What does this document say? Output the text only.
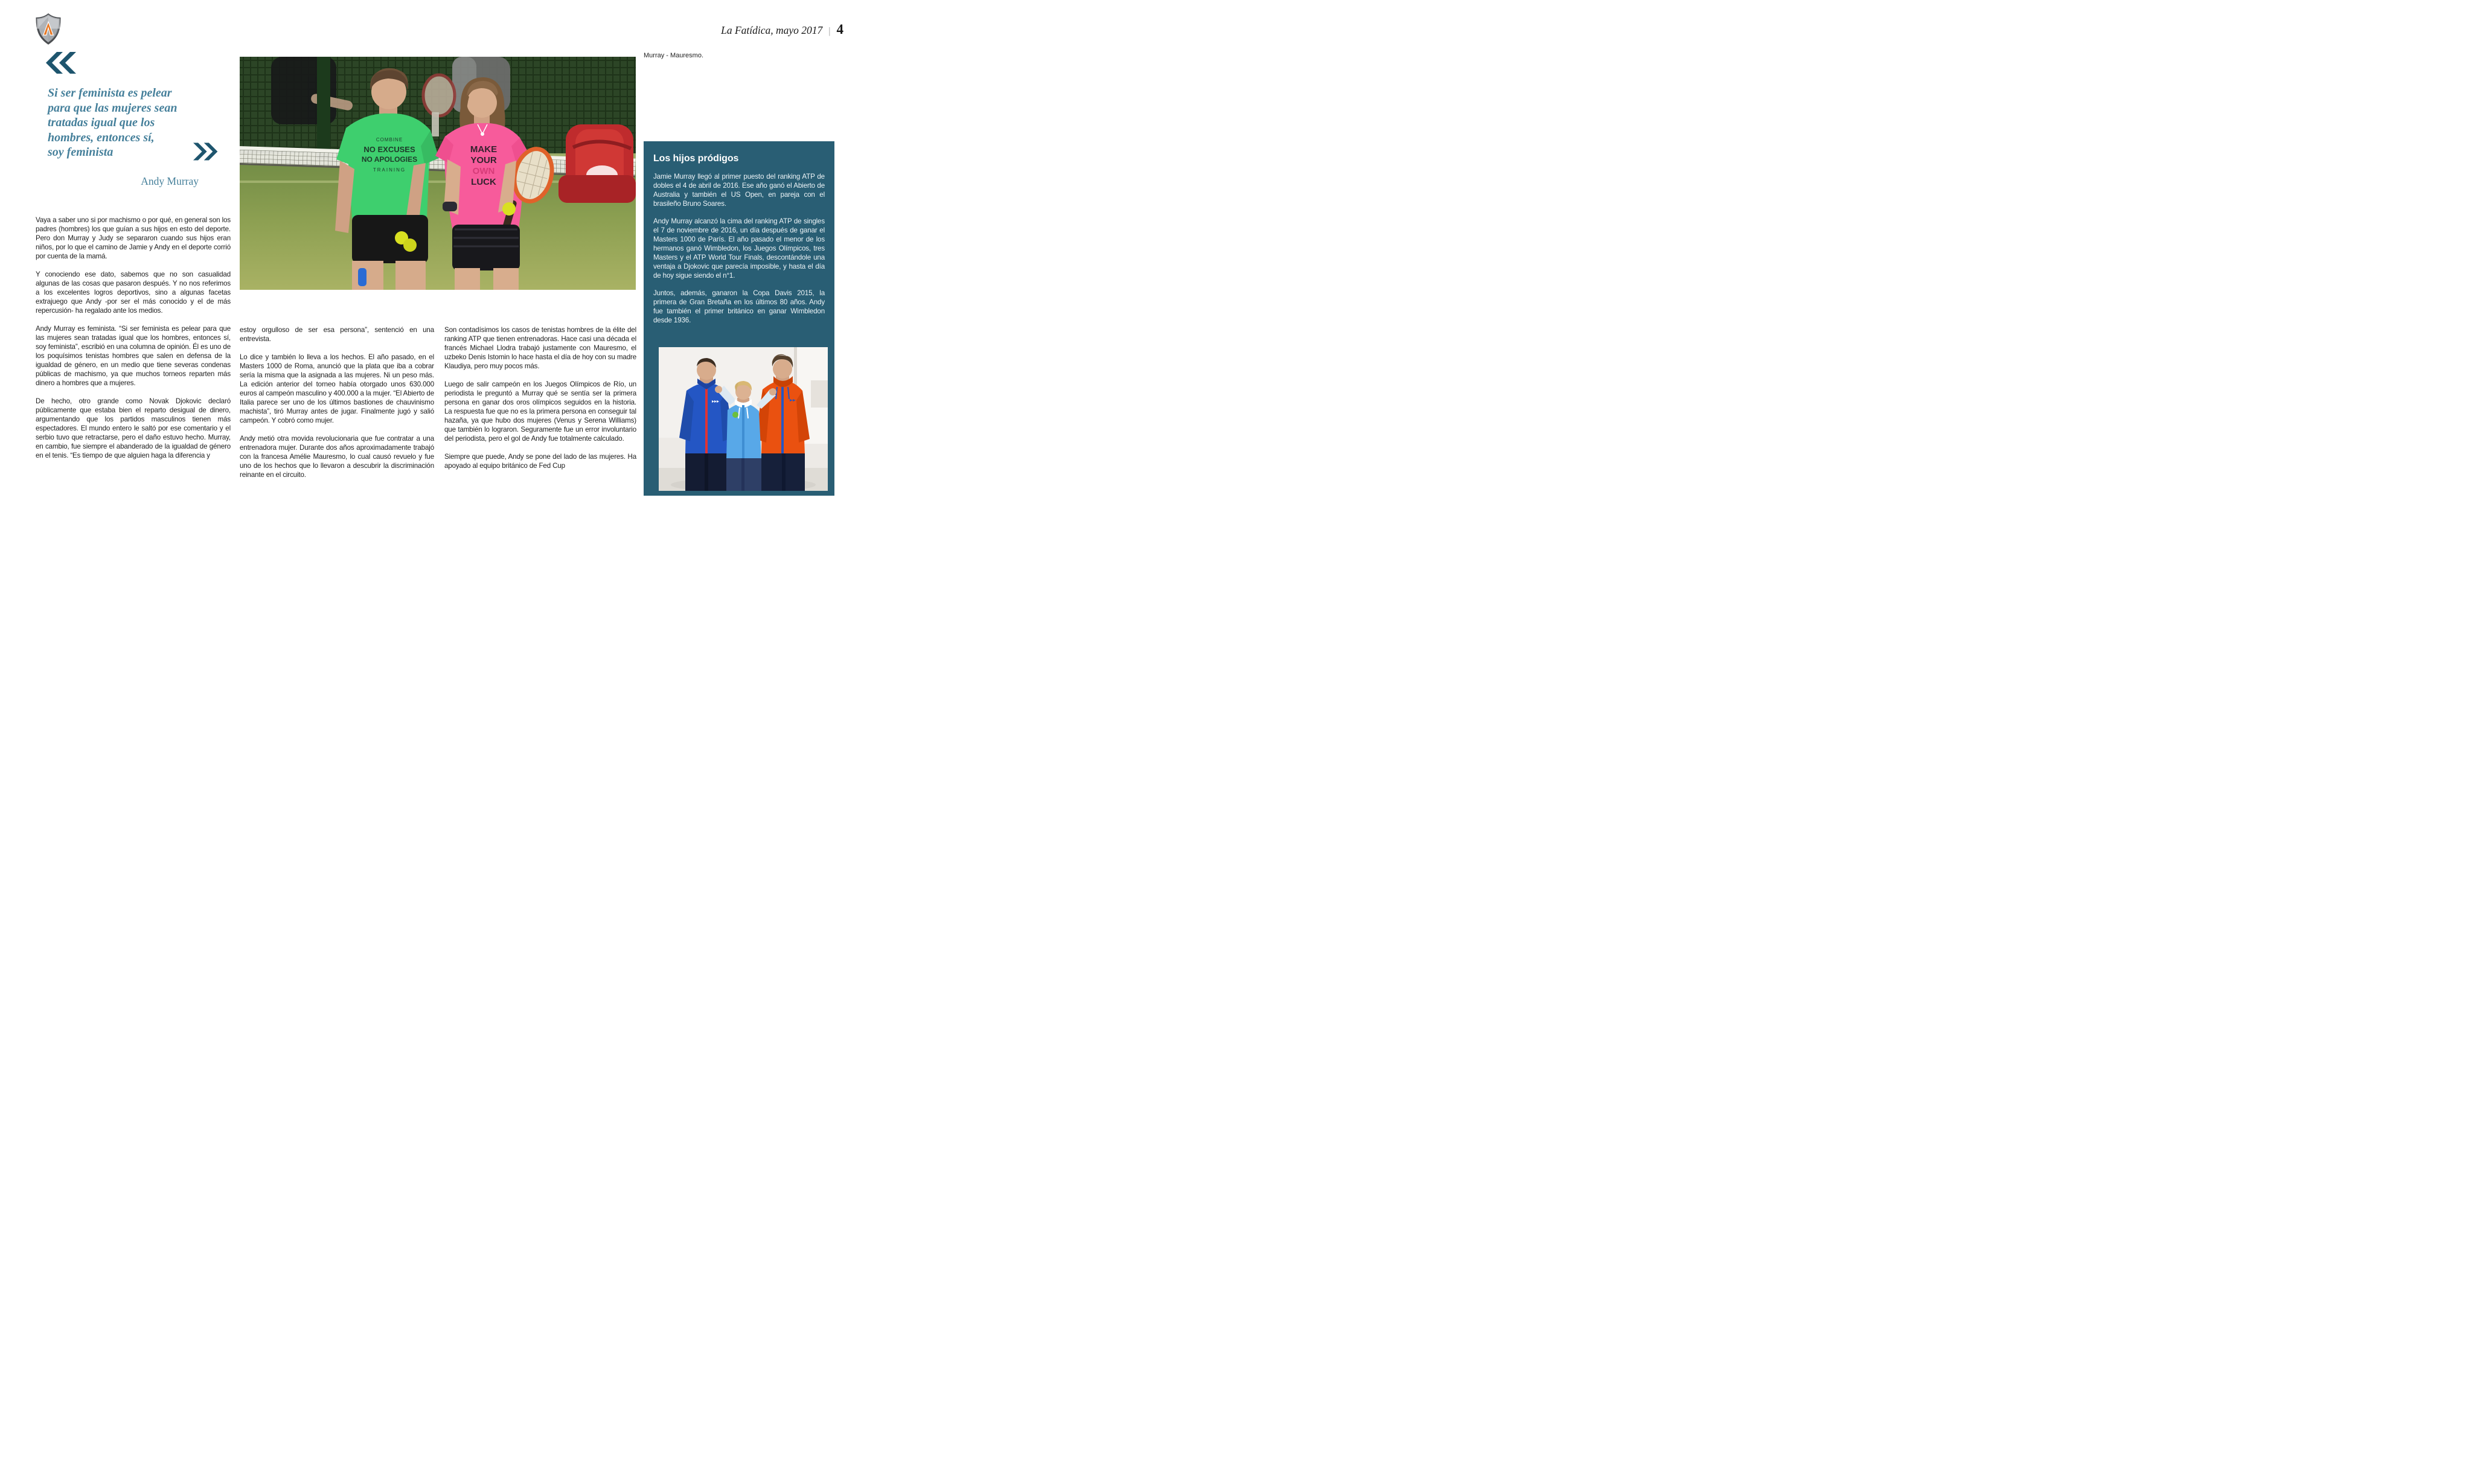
La Fatídica, mayo 2017 | 4
Si ser feminista es pelear
para que las mujeres sean
tratadas igual que los
hombres, entonces sí,
soy feminista
Andy Murray

Vaya a saber uno si por machismo o por qué, en general son los padres (hombres) los que guían a sus hijos en esto del deporte. Pero don Murray y Judy se separaron cuando sus hijos eran niños, por lo que el camino de Jamie y Andy en el deporte corrió por cuenta de la mamá.

Y conociendo ese dato, sabemos que no son casualidad algunas de las cosas que pasaron después. Y no nos referimos a los excelentes logros deportivos, sino a algunas facetas extrajuego que Andy -por ser el más conocido y el de más repercusión- ha regalado ante los medios.

Andy Murray es feminista. “Si ser feminista es pelear para que las mujeres sean tratadas igual que los hombres, entonces sí, soy feminista”, escribió en una columna de opinión. Él es uno de los poquísimos tenistas hombres que salen en defensa de la igualdad de género, en un medio que tiene severas condenas públicas de machismo, ya que muchos torneos reparten más dinero a hombres que a mujeres.

De hecho, otro grande como Novak Djokovic declaró públicamente que estaba bien el reparto desigual de dinero, argumentando que los partidos masculinos tienen más espectadores. El mundo entero le saltó por ese comentario y el serbio tuvo que retractarse, pero el daño estuvo hecho. Murray, en cambio, fue siempre el abanderado de la igualdad de género en el tenis. “Es tiempo de que alguien haga la diferencia y

COMBINE
NO EXCUSES
NO APOLOGIES
TRAINING
MAKE
YOUR
OWN
LUCK
Murray - Mauresmo.

estoy orgulloso de ser esa persona”, sentenció en una entrevista.

Lo dice y también lo lleva a los hechos. El año pasado, en el Masters 1000 de Roma, anunció que la plata que iba a cobrar sería la misma que la asignada a las mujeres. Ni un peso más. La edición anterior del torneo había otorgado unos 630.000 euros al campeón masculino y 400.000 a la mujer. “El Abierto de Italia parece ser uno de los últimos bastiones de chauvinismo machista”, tiró Murray antes de jugar. Finalmente jugó y salió campeón. Y cobró como mujer.

Andy metió otra movida revolucionaria que fue contratar a una entrenadora mujer. Durante dos años aproximadamente trabajó con la francesa Amélie Mauresmo, lo cual causó revuelo y fue uno de los hechos que lo llevaron a descubrir la discriminación reinante en el circuito.

Son contadísimos los casos de tenistas hombres de la élite del ranking ATP que tienen entrenadoras. Hace casi una década el francés Michael Llodra trabajó justamente con Mauresmo, el uzbeko Denis Istomin lo hace hasta el día de hoy con su madre Klaudiya, pero muy pocos más.

Luego de salir campeón en los Juegos Olímpicos de Río, un periodista le preguntó a Murray qué se sentía ser la primera persona en ganar dos oros olímpicos seguidos en la historia. La respuesta fue que no es la primera persona en conseguir tal hazaña, ya que hubo dos mujeres (Venus y Serena Williams) que también lo lograron. Seguramente fue un error involuntario del periodista, pero el gol de Andy fue totalmente calculado.

Siempre que puede, Andy se pone del lado de las mujeres. Ha apoyado al equipo británico de Fed Cup

Los hijos pródigos

Jamie Murray llegó al primer puesto del ranking ATP de dobles el 4 de abril de 2016. Ese año ganó el Abierto de Australia y también el US Open, en pareja con el brasileño Bruno Soares.

Andy Murray alcanzó la cima del ranking ATP de singles el 7 de noviembre de 2016, un día después de ganar el Masters 1000 de París. El año pasado el menor de los hermanos ganó Wimbledon, los Juegos Olímpicos, tres Masters y el ATP World Tour Finals, descontándole una ventaja a Djokovic que parecía imposible, y hasta el día de hoy sigue siendo el n°1.

Juntos, además, ganaron la Copa Davis 2015, la primera de Gran Bretaña en los últimos 80 años. Andy fue también el primer británico en ganar Wimbledon desde 1936.
